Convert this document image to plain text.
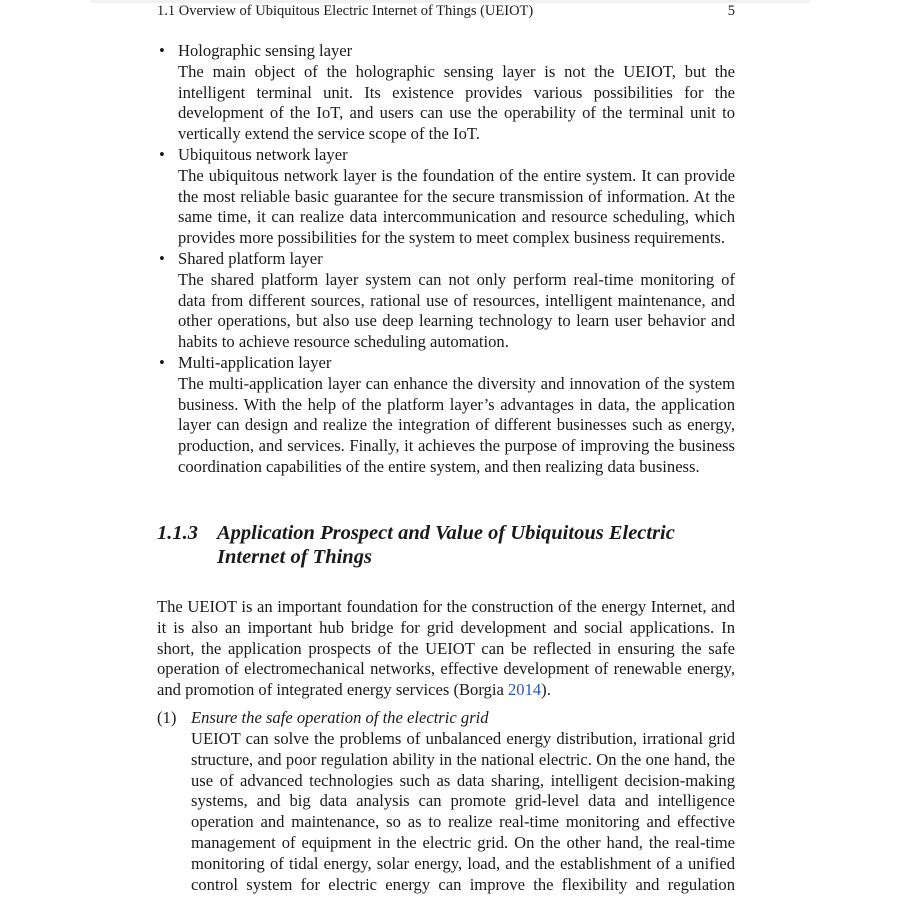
1.1 Overview of Ubiquitous Electric Internet of Things (UEIOT)	5
• Holographic sensing layer
The main object of the holographic sensing layer is not the UEIOT, but the intelligent terminal unit. Its existence provides various possibilities for the development of the IoT, and users can use the operability of the terminal unit to vertically extend the service scope of the IoT.
• Ubiquitous network layer
The ubiquitous network layer is the foundation of the entire system. It can provide the most reliable basic guarantee for the secure transmission of information. At the same time, it can realize data intercommunication and resource scheduling, which provides more possibilities for the system to meet complex business requirements.
• Shared platform layer
The shared platform layer system can not only perform real-time monitoring of data from different sources, rational use of resources, intelligent maintenance, and other operations, but also use deep learning technology to learn user behavior and habits to achieve resource scheduling automation.
• Multi-application layer
The multi-application layer can enhance the diversity and innovation of the system business. With the help of the platform layer’s advantages in data, the application layer can design and realize the integration of different businesses such as energy, production, and services. Finally, it achieves the purpose of improving the business coordination capabilities of the entire system, and then realizing data business.
1.1.3 Application Prospect and Value of Ubiquitous Electric Internet of Things
The UEIOT is an important foundation for the construction of the energy Internet, and it is also an important hub bridge for grid development and social applications. In short, the application prospects of the UEIOT can be reflected in ensuring the safe operation of electromechanical networks, effective development of renewable energy, and promotion of integrated energy services (Borgia 2014).
(1) Ensure the safe operation of the electric grid
UEIOT can solve the problems of unbalanced energy distribution, irrational grid structure, and poor regulation ability in the national electric. On the one hand, the use of advanced technologies such as data sharing, intelligent decision-making systems, and big data analysis can promote grid-level data and intelligence operation and maintenance, so as to realize real-time monitoring and effective management of equipment in the electric grid. On the other hand, the real-time monitoring of tidal energy, solar energy, load, and the establishment of a unified control system for electric energy can improve the flexibility and regulation
